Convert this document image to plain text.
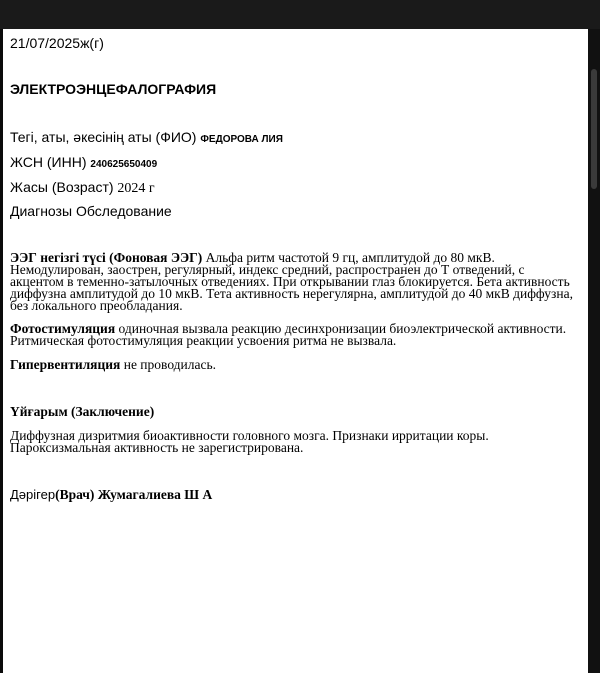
21/07/2025ж(г)
ЭЛЕКТРОЭНЦЕФАЛОГРАФИЯ
Тегі, аты, әкесінің аты (ФИО) ФЕДОРОВА ЛИЯ
ЖСН (ИНН) 240625650409
Жасы (Возраст) 2024 г
Диагнозы Обследование
ЭЭГ негізгі түсі (Фоновая ЭЭГ) Альфа ритм частотой 9 гц, амплитудой до 80 мкВ.
Немодулирован, заострен, регулярный, индекс средний, распространен до Т отведений, с
акцентом в теменно-затылочных отведениях. При открывании глаз блокируется. Бета активность
диффузна амплитудой до 10 мкВ. Тета активность нерегулярна, амплитудой до 40 мкВ диффузна,
без локального преобладания.
Фотостимуляция одиночная вызвала реакцию десинхронизации биоэлектрической активности.
Ритмическая фотостимуляция реакции усвоения ритма не вызвала.
Гипервентиляция не проводилась.
Үйғарым (Заключение)
Диффузная дизритмия биоактивности головного мозга. Признаки ирритации коры.
Пароксизмальная активность не зарегистрирована.
Дәрігер(Врач) Жумагалиева Ш А
